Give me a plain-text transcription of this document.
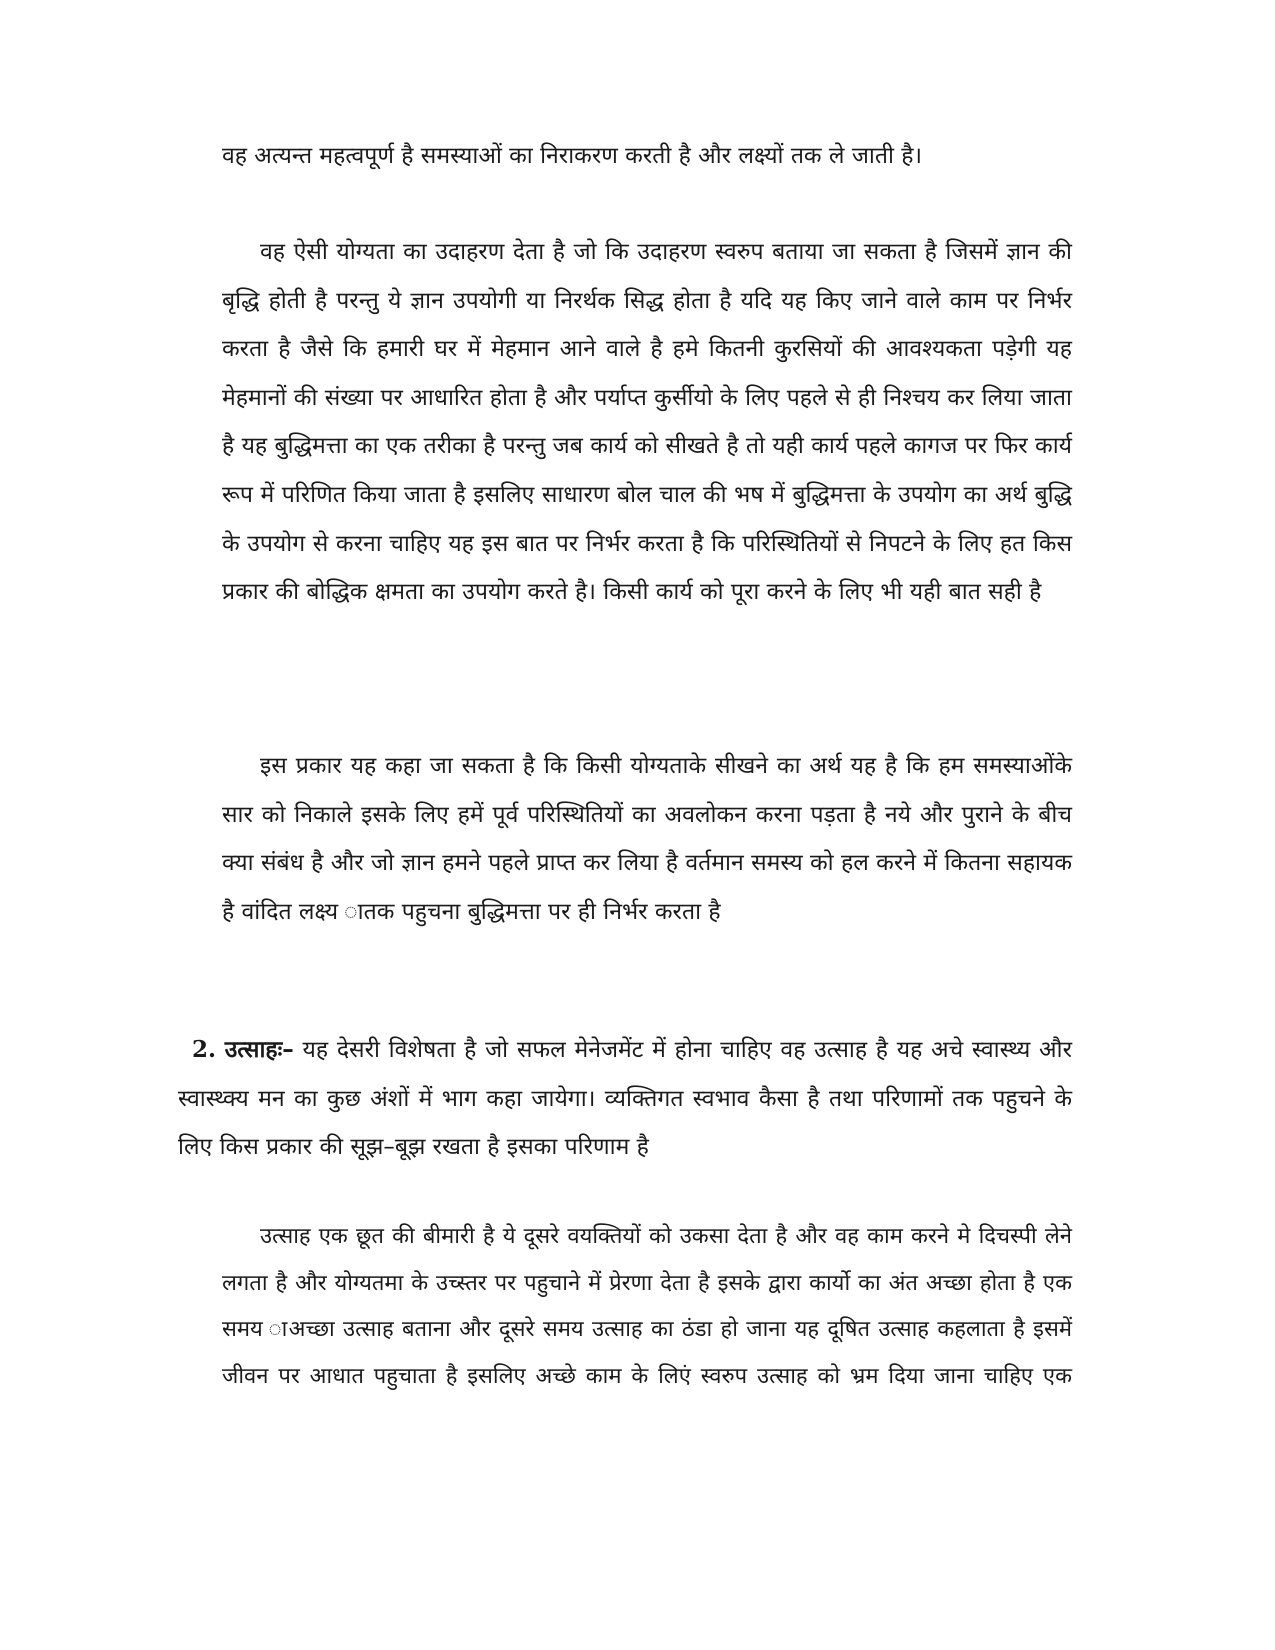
वह अत्यन्त महत्वपूर्ण है समस्याओं का निराकरण करती है और लक्ष्यों तक ले जाती है।

वह ऐसी योग्यता का उदाहरण देता है जो कि उदाहरण स्वरुप बताया जा सकता है जिसमें ज्ञान की बृद्धि होती है परन्तु ये ज्ञान उपयोगी या निरर्थक सिद्ध होता है यदि यह किए जाने वाले काम पर निर्भर करता है जैसे कि हमारी घर में मेहमान आने वाले है हमे कितनी कुरसियों की आवश्यकता पड़ेगी यह मेहमानों की संख्या पर आधारित होता है और पर्याप्त कुर्सीयो के लिए पहले से ही निश्चय कर लिया जाता है यह बुद्धिमत्ता का एक तरीका है परन्तु जब कार्य को सीखते है तो यही कार्य पहले कागज पर फिर कार्य रूप में परिणित किया जाता है इसलिए साधारण बोल चाल की भष में बुद्धिमत्ता के उपयोग का अर्थ बुद्धि के उपयोग से करना चाहिए यह इस बात पर निर्भर करता है कि परिस्थितियों से निपटने के लिए हत किस प्रकार की बोद्धिक क्षमता का उपयोग करते है। किसी कार्य को पूरा करने के लिए भी यही बात सही है

इस प्रकार यह कहा जा सकता है कि किसी योग्यताके सीखने का अर्थ यह है कि हम समस्याओंके सार को निकाले इसके लिए हमें पूर्व परिस्थितियों का अवलोकन करना पड़ता है नये और पुराने के बीच क्या संबंध है और जो ज्ञान हमने पहले प्राप्त कर लिया है वर्तमान समस्य को हल करने में कितना सहायक है वांदित लक्ष्य ातक पहुचना बुद्धिमत्ता पर ही निर्भर करता है

2. उत्साहः– यह देसरी विशेषता है जो सफल मेनेजमेंट में होना चाहिए वह उत्साह है यह अचे स्वास्थ्य और स्वास्थ्क्य मन का कुछ अंशों में भाग कहा जायेगा। व्यक्तिगत स्वभाव कैसा है तथा परिणामों तक पहुचने के लिए किस प्रकार की सूझ–बूझ रखता है इसका परिणाम है

उत्साह एक छूत की बीमारी है ये दूसरे वयक्तियों को उकसा देता है और वह काम करने मे दिचस्पी लेने लगता है और योग्यतमा के उच्स्तर पर पहुचाने में प्रेरणा देता है इसके द्वारा कार्यो का अंत अच्छा होता है एक समय ाअच्छा उत्साह बताना और दूसरे समय उत्साह का ठंडा हो जाना यह दूषित उत्साह कहलाता है इसमें जीवन पर आधात पहुचाता है इसलिए अच्छे काम के लिएं स्वरुप उत्साह को भ्रम दिया जाना चाहिए एक
